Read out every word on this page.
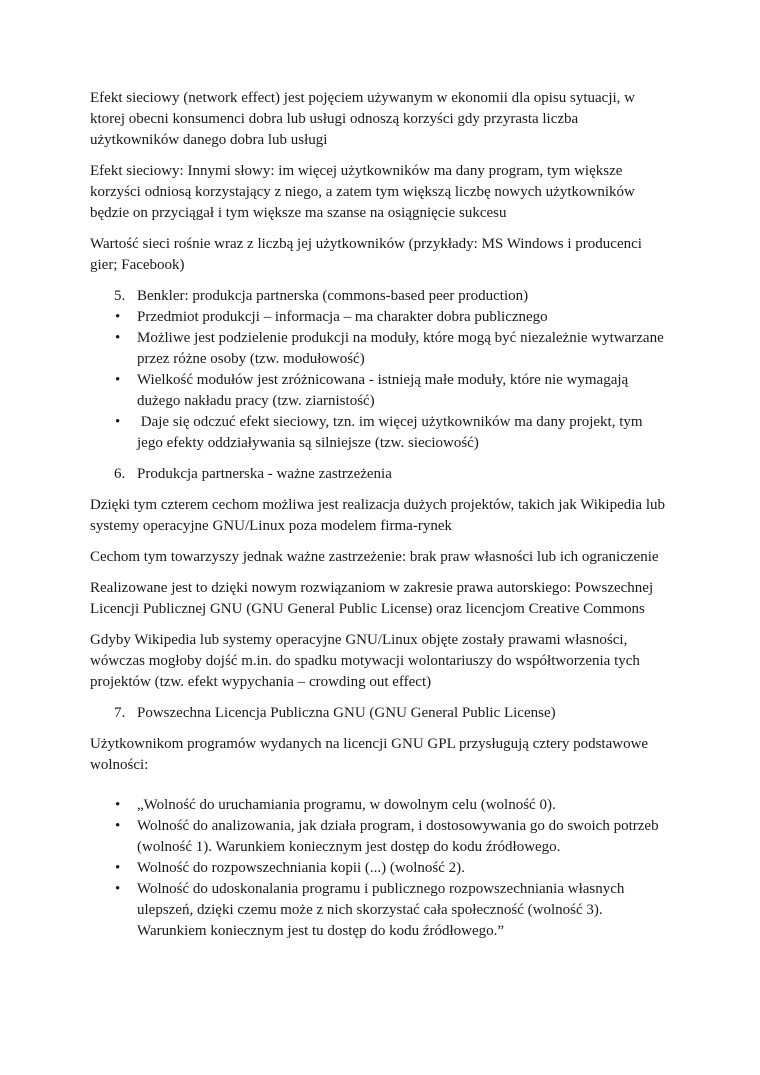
Efekt sieciowy (network effect) jest pojęciem używanym w ekonomii dla opisu sytuacji, w ktorej obecni konsumenci dobra lub usługi odnoszą korzyści gdy przyrasta liczba użytkowników danego dobra lub usługi

Efekt sieciowy: Innymi słowy: im więcej użytkowników ma dany program, tym większe korzyści odniosą korzystający z niego, a zatem tym większą liczbę nowych użytkowników będzie on przyciągał i tym większe ma szanse na osiągnięcie sukcesu

Wartość sieci rośnie wraz z liczbą jej użytkowników (przykłady: MS Windows i producenci gier; Facebook)

5. Benkler: produkcja partnerska (commons-based peer production)
• Przedmiot produkcji – informacja – ma charakter dobra publicznego
• Możliwe jest podzielenie produkcji na moduły, które mogą być niezależnie wytwarzane przez różne osoby (tzw. modułowość)
• Wielkość modułów jest zróżnicowana - istnieją małe moduły, które nie wymagają dużego nakładu pracy (tzw. ziarnistość)
• Daje się odczuć efekt sieciowy, tzn. im więcej użytkowników ma dany projekt, tym jego efekty oddziaływania są silniejsze (tzw. sieciowość)
6. Produkcja partnerska - ważne zastrzeżenia

Dzięki tym czterem cechom możliwa jest realizacja dużych projektów, takich jak Wikipedia lub systemy operacyjne GNU/Linux poza modelem firma-rynek

Cechom tym towarzyszy jednak ważne zastrzeżenie: brak praw własności lub ich ograniczenie

Realizowane jest to dzięki nowym rozwiązaniom w zakresie prawa autorskiego: Powszechnej Licencji Publicznej GNU (GNU General Public License) oraz licencjom Creative Commons

Gdyby Wikipedia lub systemy operacyjne GNU/Linux objęte zostały prawami własności, wówczas mogłoby dojść m.in. do spadku motywacji wolontariuszy do współtworzenia tych projektów (tzw. efekt wypychania – crowding out effect)

7. Powszechna Licencja Publiczna GNU (GNU General Public License)

Użytkownikom programów wydanych na licencji GNU GPL przysługują cztery podstawowe wolności:

• „Wolność do uruchamiania programu, w dowolnym celu (wolność 0).
• Wolność do analizowania, jak działa program, i dostosowywania go do swoich potrzeb (wolność 1). Warunkiem koniecznym jest dostęp do kodu źródłowego.
• Wolność do rozpowszechniania kopii (...) (wolność 2).
• Wolność do udoskonalania programu i publicznego rozpowszechniania własnych ulepszeń, dzięki czemu może z nich skorzystać cała społeczność (wolność 3). Warunkiem koniecznym jest tu dostęp do kodu źródłowego.”
